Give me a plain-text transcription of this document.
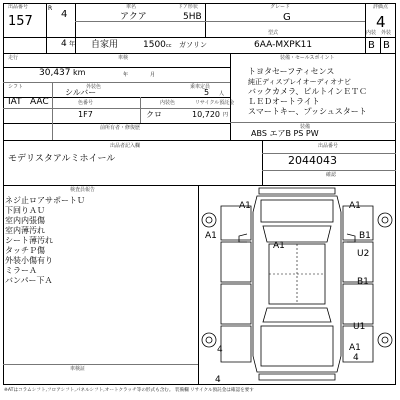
出品番号
157
R
4
4 年
車名
アクア
ドア形状
5HB
グレード
G
評価点
4
自家用	1500 cc ガソリン
型式
6AA-MXPK11
内装 外装
B B
走行
30,437 km
車検
年	月
シフト
IAT AAC
外装色
シルバー
乗車定員
5 人
色番号	内装色	リサイクル預託金
1F7	クロ	10,720 円
前所有者・修復歴
装備・セールスポイント
トヨタセーフティセンス
純正ディスプレイオーディオナビ
バックカメラ、ビルトインＥＴＣ
ＬＥＤオートライト
スマートキー、プッシュスタート
装備
ABS エアB PS PW
出品者記入欄
モデリスタアルミホイール
出品番号
2044043
確認
検査員報告
ネジ止ロアサポートＵ
下回りＡＵ
室内内張傷
室内薄汚れ
シート薄汚れ
タッチＰ傷
外装小傷有り
ミラーＡ
バンパー下Ａ
車検証
A1	A1
A1	B1
U2
A1
B1
U1
A1
4
4
4
※ATはコラムシフト,フロアシフト,パネルシフト,オートクラッチ等の形式も含む。 装備欄 リサイクル預託金は確認を要す
